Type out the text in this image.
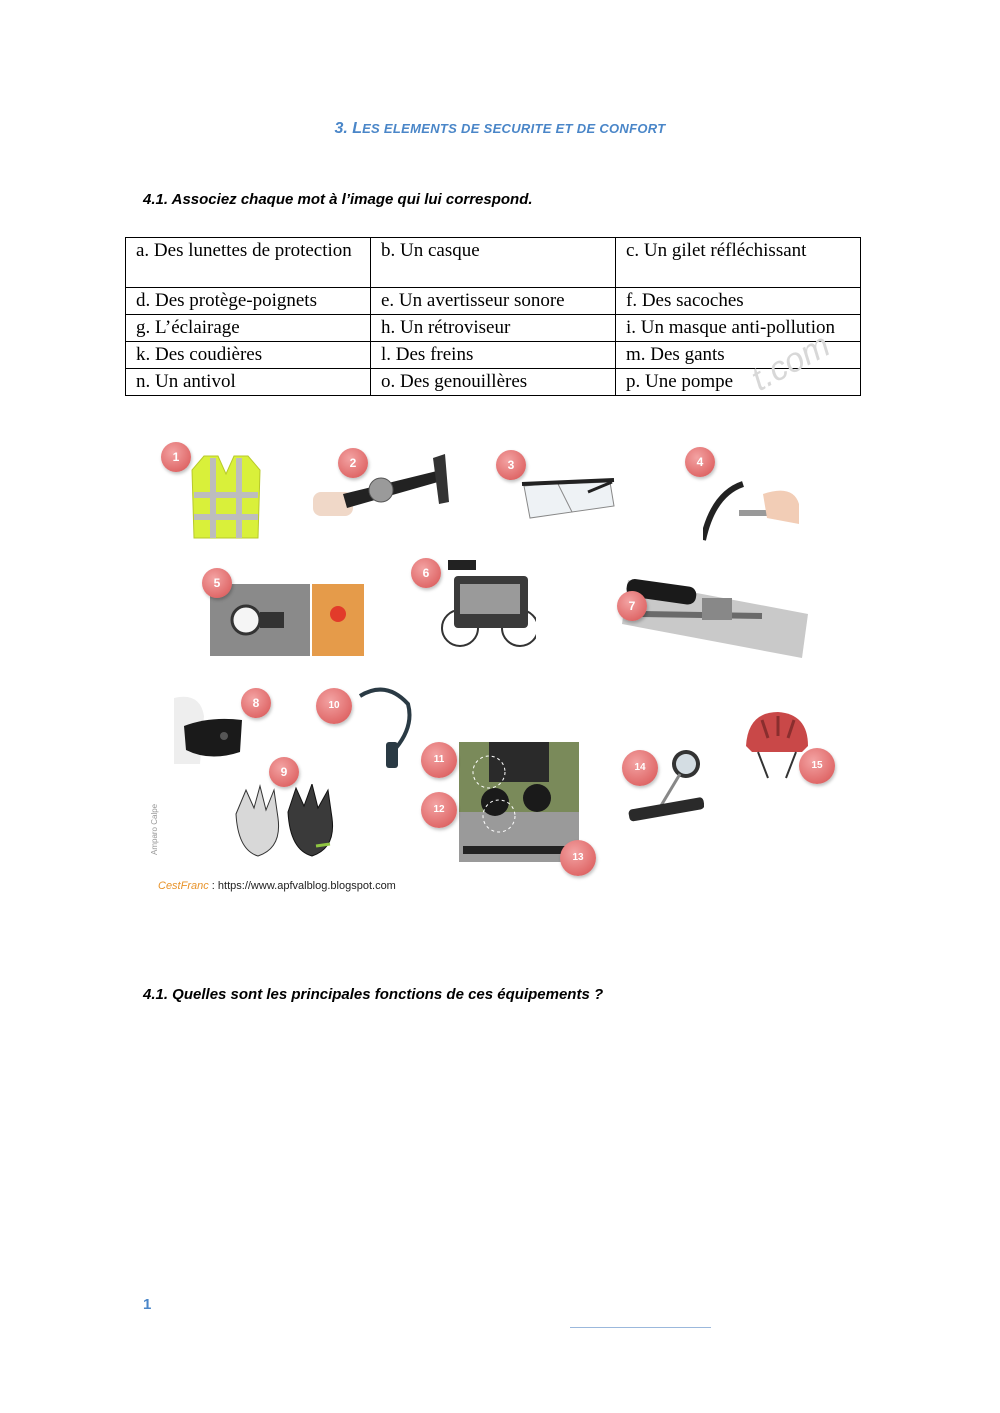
3. LES ELEMENTS DE SECURITE ET DE CONFORT
4.1. Associez chaque mot à l’image qui lui correspond.
a. Des lunettes de protection	b. Un casque	c. Un gilet réfléchissant
d. Des protège-poignets	e. Un avertisseur sonore	f. Des sacoches
g. L’éclairage	h. Un rétroviseur	i. Un masque anti-pollution
k. Des coudières	l. Des freins	m. Des gants
n. Un antivol	o. Des genouillères	p. Une pompe t.com
1	2	3	4
5
6
7
8
9
10
11
12
13
14	15
Amparo Calpe
CestFranc : https://www.apfvalblog.blogspot.com
4.1. Quelles sont les principales fonctions de ces équipements ?
1
